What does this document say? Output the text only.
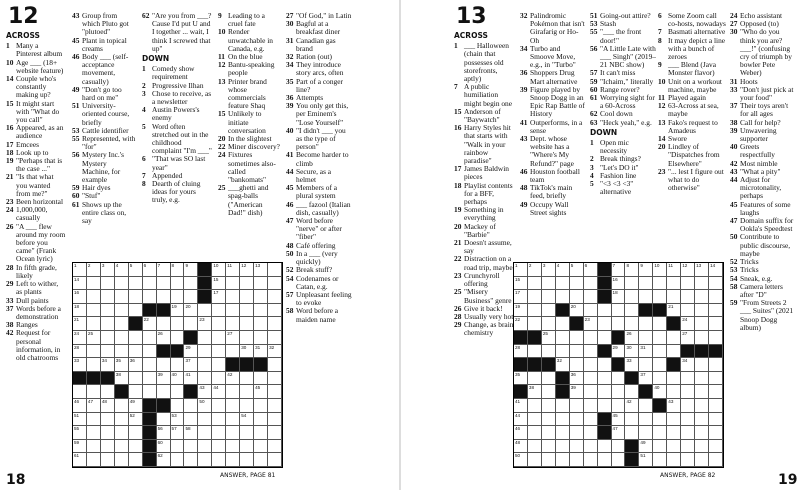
12
ACROSS
1 Many a Pinterest album
10 Age ___ (18+ website feature)
14 Couple who's constantly making up?
15 It might start with "What do you call"
16 Appeared, as an audience
17 Emcees
18 Look up to
19 "Perhaps that is the case ..."
21 "Is that what you wanted from me?"
23 Been horizontal
24 1,000,000, casually
26 "A ___ flew around my room before you came" (Frank Ocean lyric)
28 In fifth grade, likely
29 Left to wither, as plants
33 Dull paints
37 Words before a demonstration
38 Ranges
42 Request for personal information, in old chatrooms
43 Group from which Pluto got "plutoed"
45 Plant in topical creams
46 Body ___ (self-acceptance movement, casually)
49 "Don't go too hard on me"
51 University-oriented course, briefly
53 Cattle identifier
55 Represented, with "for"
56 Mystery Inc.'s Mystery Machine, for example
59 Hair dyes
60 "Stuf"
61 Shows up the entire class on, say
62 "Are you from ___? Cause I'd put U and I together ... wait, I think I screwed that up"
DOWN
1 Comedy show requirement
2 Progressive Ilhan
3 Chose to receive, as a newsletter
4 Austin Powers's enemy
5 Word often stretched out in the childhood complaint "I'm ___"
6 "That was SO last year"
7 Appended
8 Dearth of cluing ideas for yours truly, e.g.
9 Leading to a cruel fate
10 Render unwatchable in Canada, e.g.
11 On the blue
12 Bantu-speaking people
13 Printer brand whose commercials feature Shaq
15 Unlikely to initiate conversation
20 In the slightest
22 Miner discovery?
24 Fixtures sometimes also-called "bankomats"
25 ___ghetti and spag-balls ("American Dad!" dish)
27 "Of God," in Latin
30 Bagful at a breakfast diner
31 Canadian gas brand
32 Ration (out)
34 They introduce story arcs, often
35 Part of a conger line?
36 Attempts
39 You only get this, per Eminem's "Lose Yourself"
40 "I didn't ___ you as the type of person"
41 Become harder to climb
44 Secure, as a helmet
45 Members of a plural system
46 ___ fazool (Italian dish, casually)
47 Word before "nerve" or after "fiber"
48 Café offering
50 In a ___ (very quickly)
52 Break stuff?
54 Codenames or Catan, e.g.
57 Unpleasant feeling to evoke
58 Word before a maiden name
1 2 3 4 5 6 7 8 9	10 11 12 13
14	15
16	17
18	19 20
21	22	23
24 25	26	27
28	29	30 31 32
33	34 35 36	37
38	39 40 41	42
43 44	45
46 47 48	49	50
51	52	53	54
55	56 57 58
59	60
61	62
ANSWER, PAGE 81
18
13
ACROSS
1 ___ Halloween (chain that possesses old storefronts, aptly)
7 A public humiliation might begin one
15 Anderson of "Baywatch"
16 Harry Styles hit that starts with "Walk in your rainbow paradise"
17 James Baldwin pieces
18 Playlist contents for a BFF, perhaps
19 Something in everything
20 Mackey of "Barbie"
21 Doesn't assume, say
22 Distraction on a road trip, maybe
23 Crunchyroll offering
25 "Misery Business" genre
26 Give it back!
28 Usually very hot
29 Change, as brain chemistry
32 Palindromic Pokémon that isn't Girafarig or Ho-Oh
34 Turbo and Smoove Move, e.g., in "Turbo"
36 Shoppers Drug Mart alternative
39 Figure played by Snoop Dogg in an Epic Rap Battle of History
41 Outperforms, in a sense
43 Dept. whose website has a "Where's My Refund?" page
46 Houston football team
48 TikTok's main feed, briefly
49 Occupy Wall Street sights
51 Going-out attire?
53 Stash
55 "___ the front door!"
56 "A Little Late with ___ Singh" (2019–21 NBC show)
57 It can't miss
59 "Ichaim," literally
60 Range rover?
61 Worrying sight for a 60-Across
62 Cool down
63 "Heck yeah," e.g.
DOWN
1 Open mic necessity
2 Break things?
3 "Let's DO it"
4 Fashion line
5 "<3 <3 <3" alternative
6 Some Zoom call co-hosts, nowadays
7 Basmati alternative
8 It may depict a line with a bunch of zeroes
9 ___ Blend (Java Monster flavor)
10 Unit on a workout machine, maybe
11 Played again
12 63-Across at sea, maybe
13 Fako's request to Amadeus
14 Swore
20 Lindley of "Dispatches from Elsewhere"
23 "... lest I figure out what to do otherwise"
24 Echo assistant
27 Opposed (to)
30 "Who do you think you are?___!" (confusing cry of triumph by bowler Pete Weber)
31 Hoots
33 "Don't just pick at your food"
37 Their toys aren't for all ages
38 Call for help?
39 Unwavering supporter
40 Greets respectfully
42 Most nimble
43 "What a pity"
44 Adjust for microtonality, perhaps
45 Features of some laughs
47 Domain suffix for Ookla's Speedtest
50 Contribute to public discourse, maybe
52 Tricks
53 Tricks
54 Sneak, e.g.
58 Camera letters after "D"
59 "From Streets 2 ___ Suites" (2021 Snoop Dogg album)
1 2 3 4 5 6	7 8 9 10 11 12 13 14
15	16
17	18
19	20	21
22	23	24
25	26	27
28	29 30 31
32	33	34
35	36	37
38	39	40
41	42	43
44	45
46	47
48	49
50	51
ANSWER, PAGE 82	19
